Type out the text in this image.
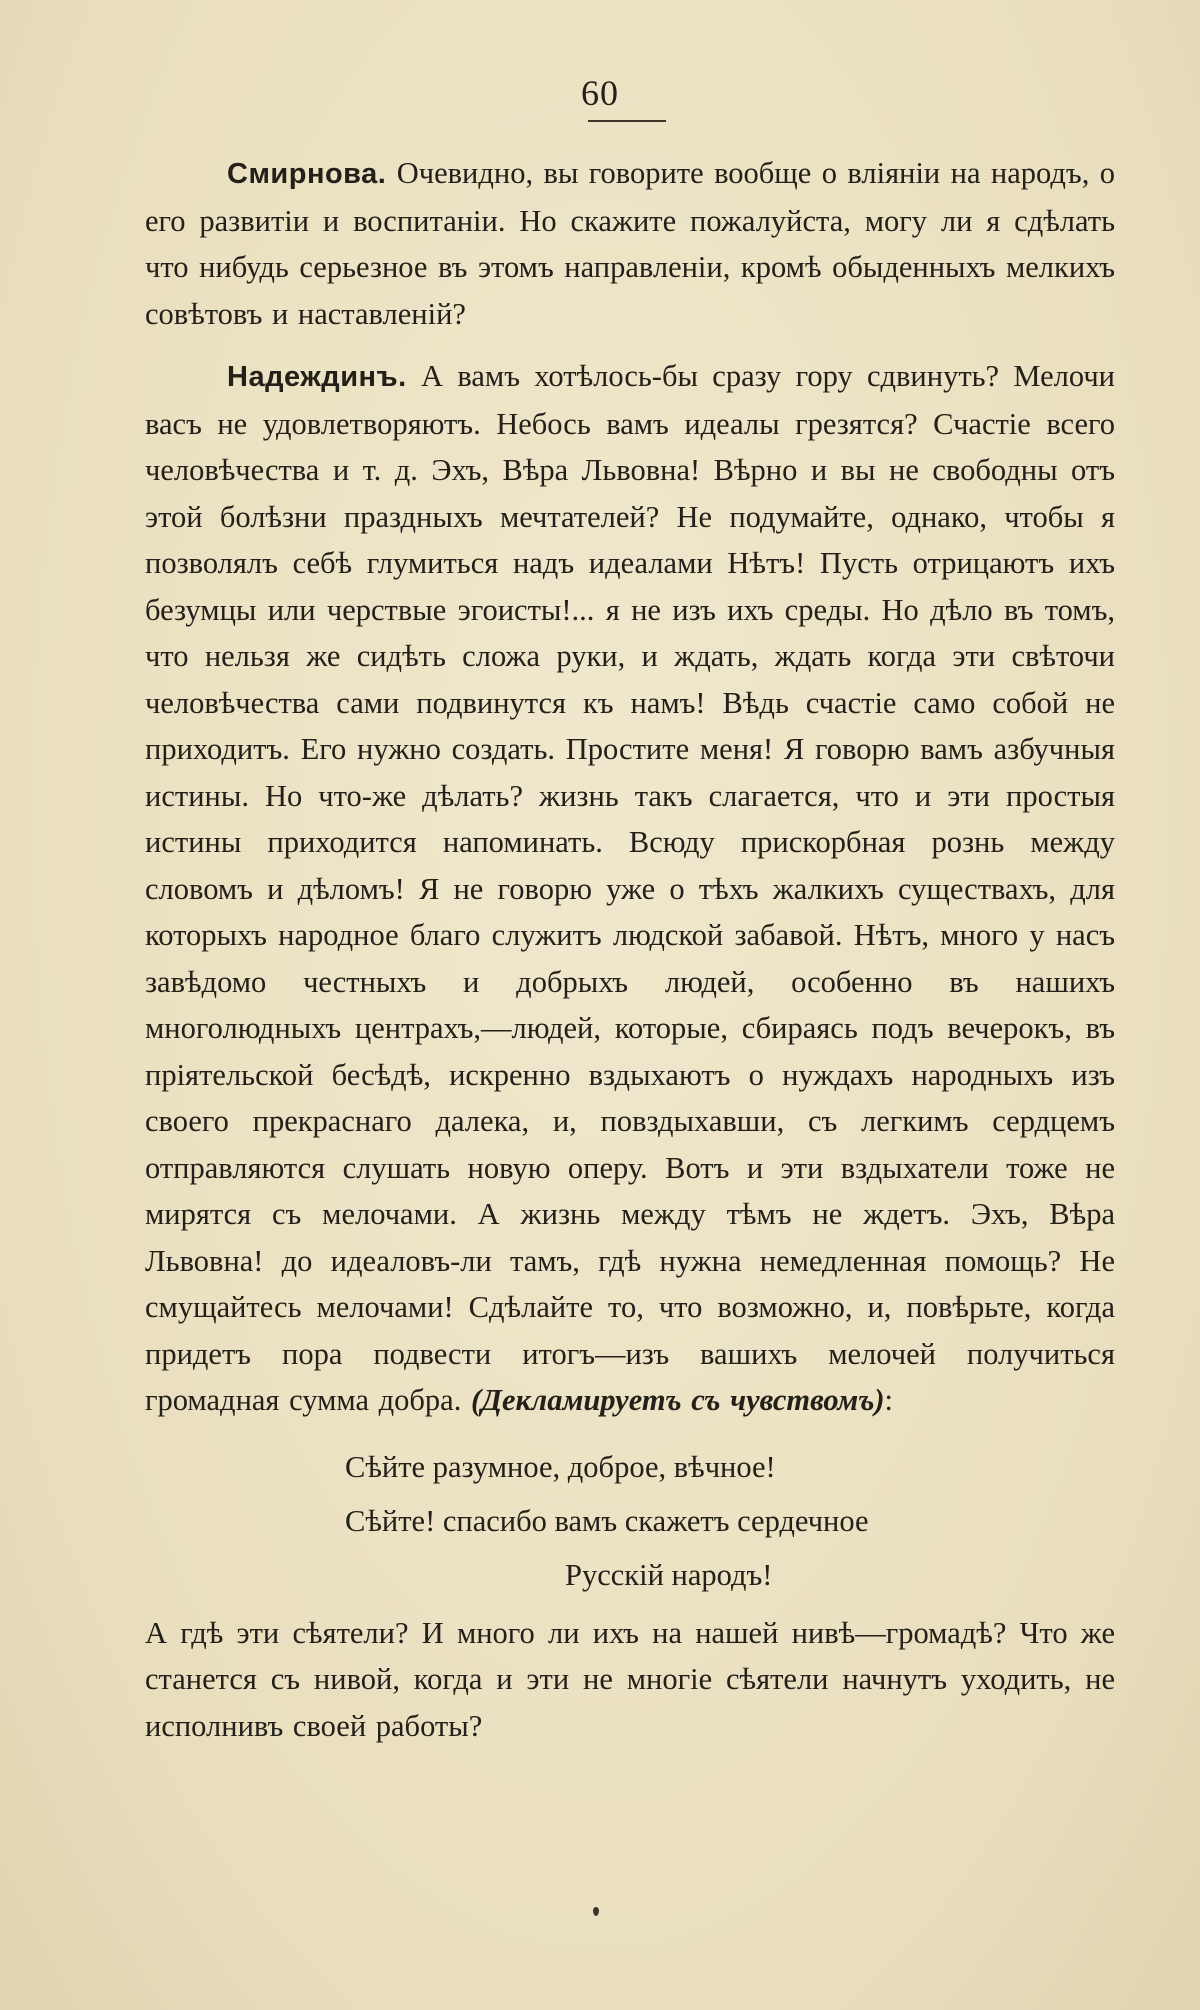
60

Смирнова. Очевидно, вы говорите вообще о вліяніи на народъ, о его развитіи и воспитаніи. Но скажите пожалуйста, могу ли я сдѣлать что нибудь серьезное въ этомъ направленіи, кромѣ обыденныхъ мелкихъ совѣтовъ и наставленій?

Надеждинъ. А вамъ хотѣлось-бы сразу гору сдвинуть? Мелочи васъ не удовлетворяютъ. Небось вамъ идеалы грезятся? Счастіе всего человѣчества и т. д. Эхъ, Вѣра Львовна! Вѣрно и вы не свободны отъ этой болѣзни праздныхъ мечтателей? Не подумайте, однако, чтобы я позволялъ себѣ глумиться надъ идеалами Нѣтъ! Пусть отрицаютъ ихъ безумцы или черствые эгоисты!... я не изъ ихъ среды. Но дѣло въ томъ, что нельзя же сидѣть сложа руки, и ждать, ждать когда эти свѣточи человѣчества сами подвинутся къ намъ! Вѣдь счастіе само собой не приходитъ. Его нужно создать. Простите меня! Я говорю вамъ азбучныя истины. Но что-же дѣлать? жизнь такъ слагается, что и эти простыя истины приходится напоминать. Всюду прискорбная рознь между словомъ и дѣломъ! Я не говорю уже о тѣхъ жалкихъ существахъ, для которыхъ народное благо служитъ людской забавой. Нѣтъ, много у насъ завѣдомо честныхъ и добрыхъ людей, особенно въ нашихъ многолюдныхъ центрахъ,—людей, которые, сбираясь подъ вечерокъ, въ пріятельской бесѣдѣ, искренно вздыхаютъ о нуждахъ народныхъ изъ своего прекраснаго далека, и, повздыхавши, съ легкимъ сердцемъ отправляются слушать новую оперу. Вотъ и эти вздыхатели тоже не мирятся съ мелочами. А жизнь между тѣмъ не ждетъ. Эхъ, Вѣра Львовна! до идеаловъ-ли тамъ, гдѣ нужна немедленная помощь? Не смущайтесь мелочами! Сдѣлайте то, что возможно, и, повѣрьте, когда придетъ пора подвести итогъ—изъ вашихъ мелочей получиться громадная сумма добра. (Декламируетъ съ чувствомъ):

Сѣйте разумное, доброе, вѣчное!

Сѣйте! спасибо вамъ скажетъ сердечное

Русскій народъ!

А гдѣ эти сѣятели? И много ли ихъ на нашей нивѣ—громадѣ? Что же станется съ нивой, когда и эти не многіе сѣятели начнутъ уходить, не исполнивъ своей работы?
